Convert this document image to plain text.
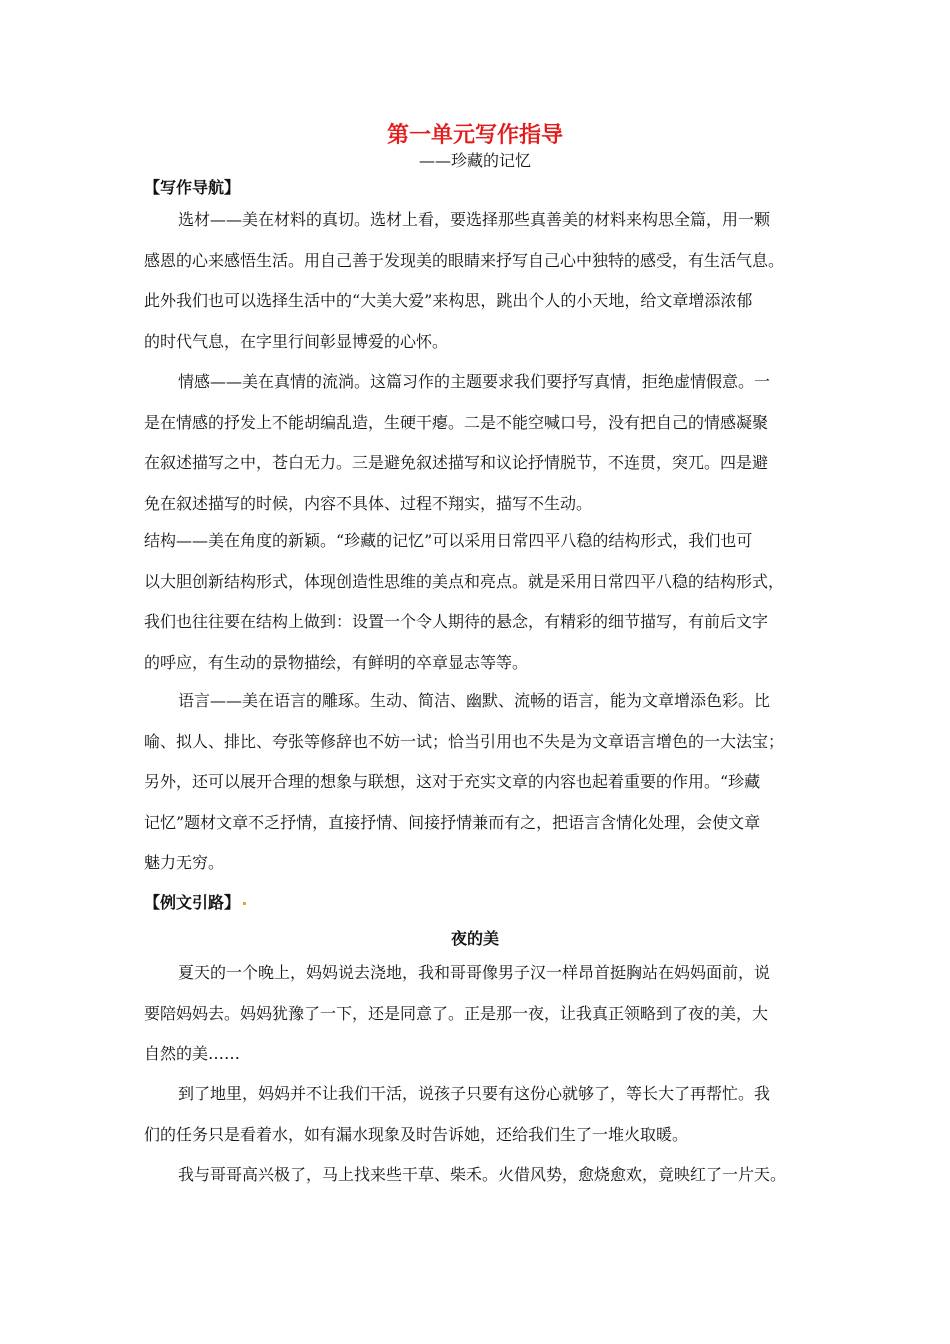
第一单元写作指导
——珍藏的记忆
【写作导航】
选材——美在材料的真切。选材上看，要选择那些真善美的材料来构思全篇，用一颗
感恩的心来感悟生活。用自己善于发现美的眼睛来抒写自己心中独特的感受，有生活气息。
此外我们也可以选择生活中的“大美大爱”来构思，跳出个人的小天地，给文章增添浓郁
的时代气息，在字里行间彰显博爱的心怀。
情感——美在真情的流淌。这篇习作的主题要求我们要抒写真情，拒绝虚情假意。一
是在情感的抒发上不能胡编乱造，生硬干瘪。二是不能空喊口号，没有把自己的情感凝聚
在叙述描写之中，苍白无力。三是避免叙述描写和议论抒情脱节，不连贯，突兀。四是避
免在叙述描写的时候，内容不具体、过程不翔实，描写不生动。
结构——美在角度的新颖。“珍藏的记忆”可以采用日常四平八稳的结构形式，我们也可
以大胆创新结构形式，体现创造性思维的美点和亮点。就是采用日常四平八稳的结构形式，
我们也往往要在结构上做到：设置一个令人期待的悬念，有精彩的细节描写，有前后文字
的呼应，有生动的景物描绘，有鲜明的卒章显志等等。
语言——美在语言的雕琢。生动、简洁、幽默、流畅的语言，能为文章增添色彩。比
喻、拟人、排比、夸张等修辞也不妨一试；恰当引用也不失是为文章语言增色的一大法宝；
另外，还可以展开合理的想象与联想，这对于充实文章的内容也起着重要的作用。“珍藏
记忆”题材文章不乏抒情，直接抒情、间接抒情兼而有之，把语言含情化处理，会使文章
魅力无穷。
【例文引路】
夜的美
夏天的一个晚上，妈妈说去浇地，我和哥哥像男子汉一样昂首挺胸站在妈妈面前，说
要陪妈妈去。妈妈犹豫了一下，还是同意了。正是那一夜，让我真正领略到了夜的美，大
自然的美……
到了地里，妈妈并不让我们干活，说孩子只要有这份心就够了，等长大了再帮忙。我
们的任务只是看着水，如有漏水现象及时告诉她，还给我们生了一堆火取暖。
我与哥哥高兴极了，马上找来些干草、柴禾。火借风势，愈烧愈欢，竟映红了一片天。
